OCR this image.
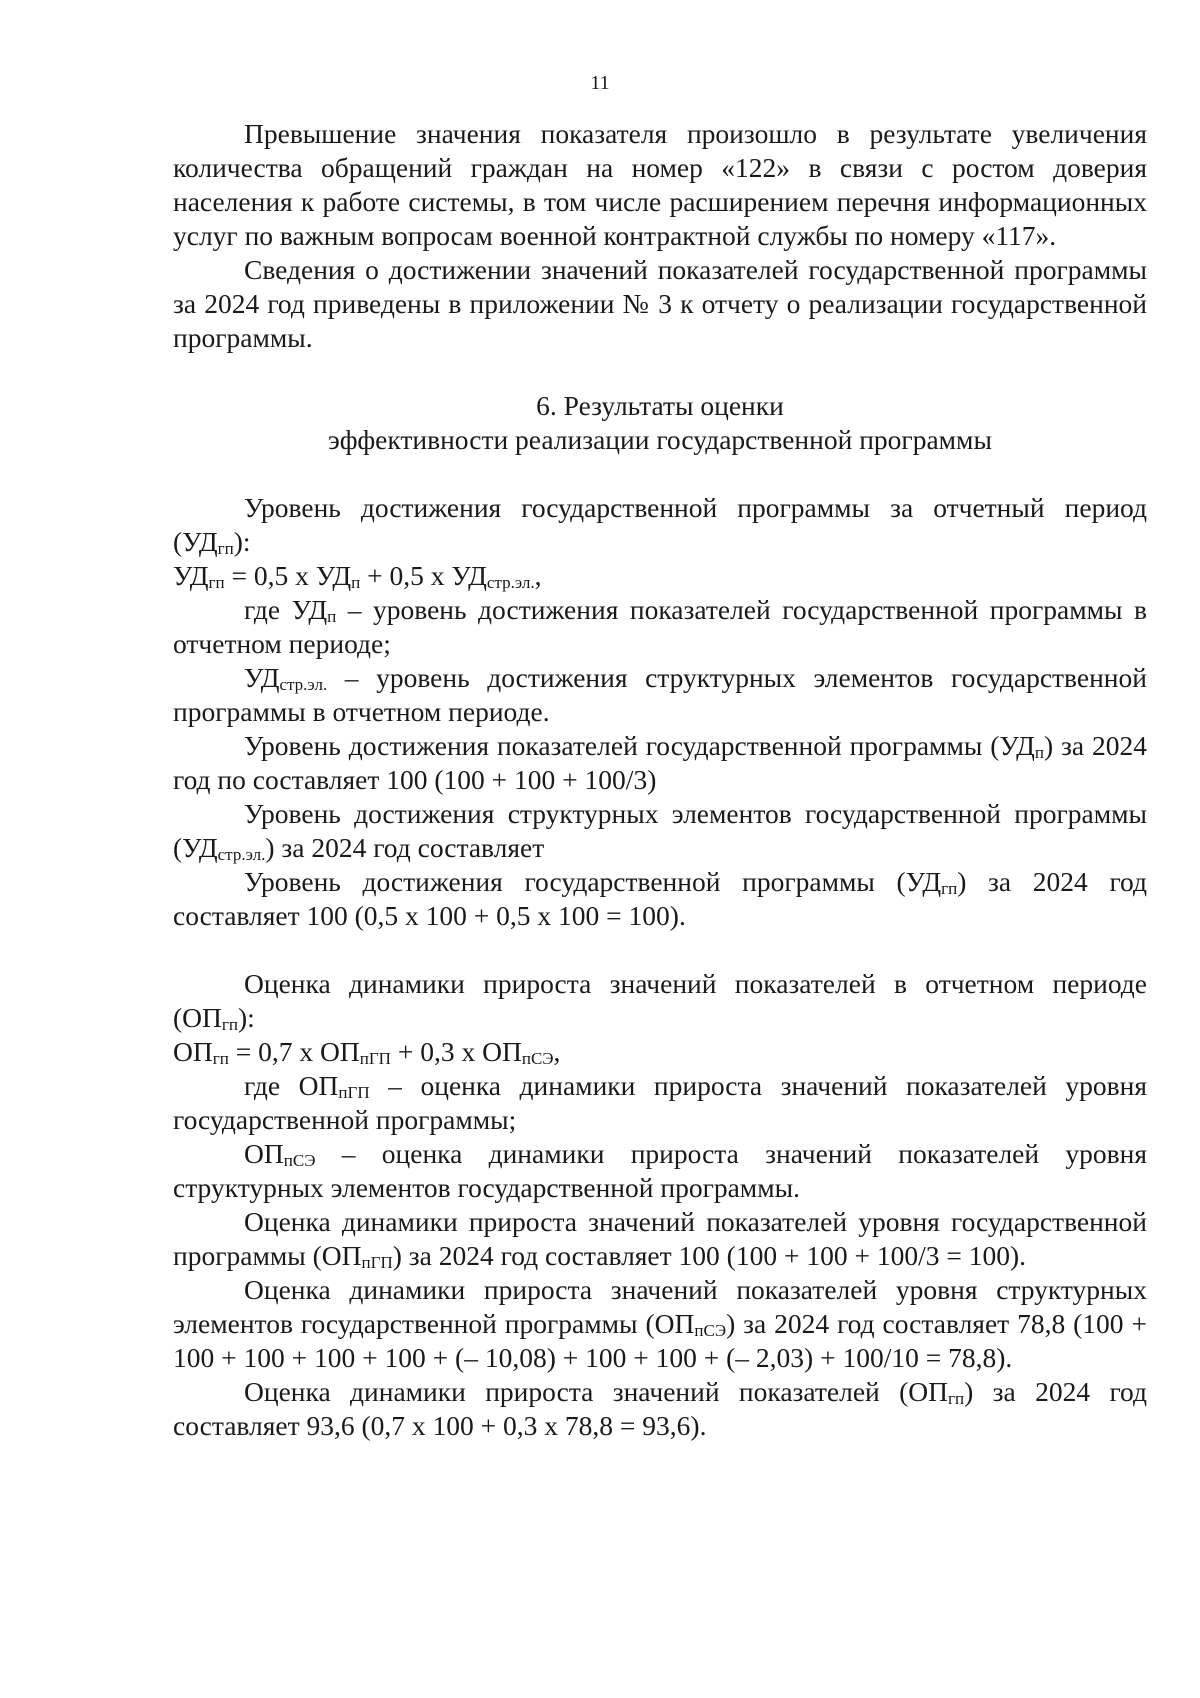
11

Превышение значения показателя произошло в результате увеличения количества обращений граждан на номер «122» в связи с ростом доверия населения к работе системы, в том числе расширением перечня информационных услуг по важным вопросам военной контрактной службы по номеру «117».

Сведения о достижении значений показателей государственной программы за 2024 год приведены в приложении № 3 к отчету о реализации государственной программы.

6. Результаты оценки
эффективности реализации государственной программы

Уровень достижения государственной программы за отчетный период $(УД_{гп})$:

$УД_{гп} = 0,5$ х $УД_п + 0,5$ х $УД_{стр.эл.}$,

где $УД_п$ – уровень достижения показателей государственной программы в отчетном периоде;

$УД_{стр.эл.}$ – уровень достижения структурных элементов государственной программы в отчетном периоде.

Уровень достижения показателей государственной программы $(УД_п)$ за 2024 год по составляет 100 (100 + 100 + 100/3)

Уровень достижения структурных элементов государственной программы $(УД_{стр.эл.})$ за 2024 год составляет

Уровень достижения государственной программы $(УД_{гп})$ за 2024 год составляет 100 (0,5 х 100 + 0,5 х 100 = 100).

Оценка динамики прироста значений показателей в отчетном периоде $(ОП_{гп})$:

$ОП_{гп} = 0,7$ х $ОП_{пГП} + 0,3$ х $ОП_{пСЭ}$,

где $ОП_{пГП}$ – оценка динамики прироста значений показателей уровня государственной программы;

$ОП_{пСЭ}$ – оценка динамики прироста значений показателей уровня структурных элементов государственной программы.

Оценка динамики прироста значений показателей уровня государственной программы $(ОП_{пГП})$ за 2024 год составляет 100 (100 + 100 + 100/3 = 100).

Оценка динамики прироста значений показателей уровня структурных элементов государственной программы $(ОП_{пСЭ})$ за 2024 год составляет 78,8 (100 + 100 + 100 + 100 + 100 + (– 10,08) + 100 + 100 + (– 2,03) + 100/10 = 78,8).

Оценка динамики прироста значений показателей $(ОП_{гп})$ за 2024 год составляет 93,6 (0,7 х 100 + 0,3 х 78,8 = 93,6).
